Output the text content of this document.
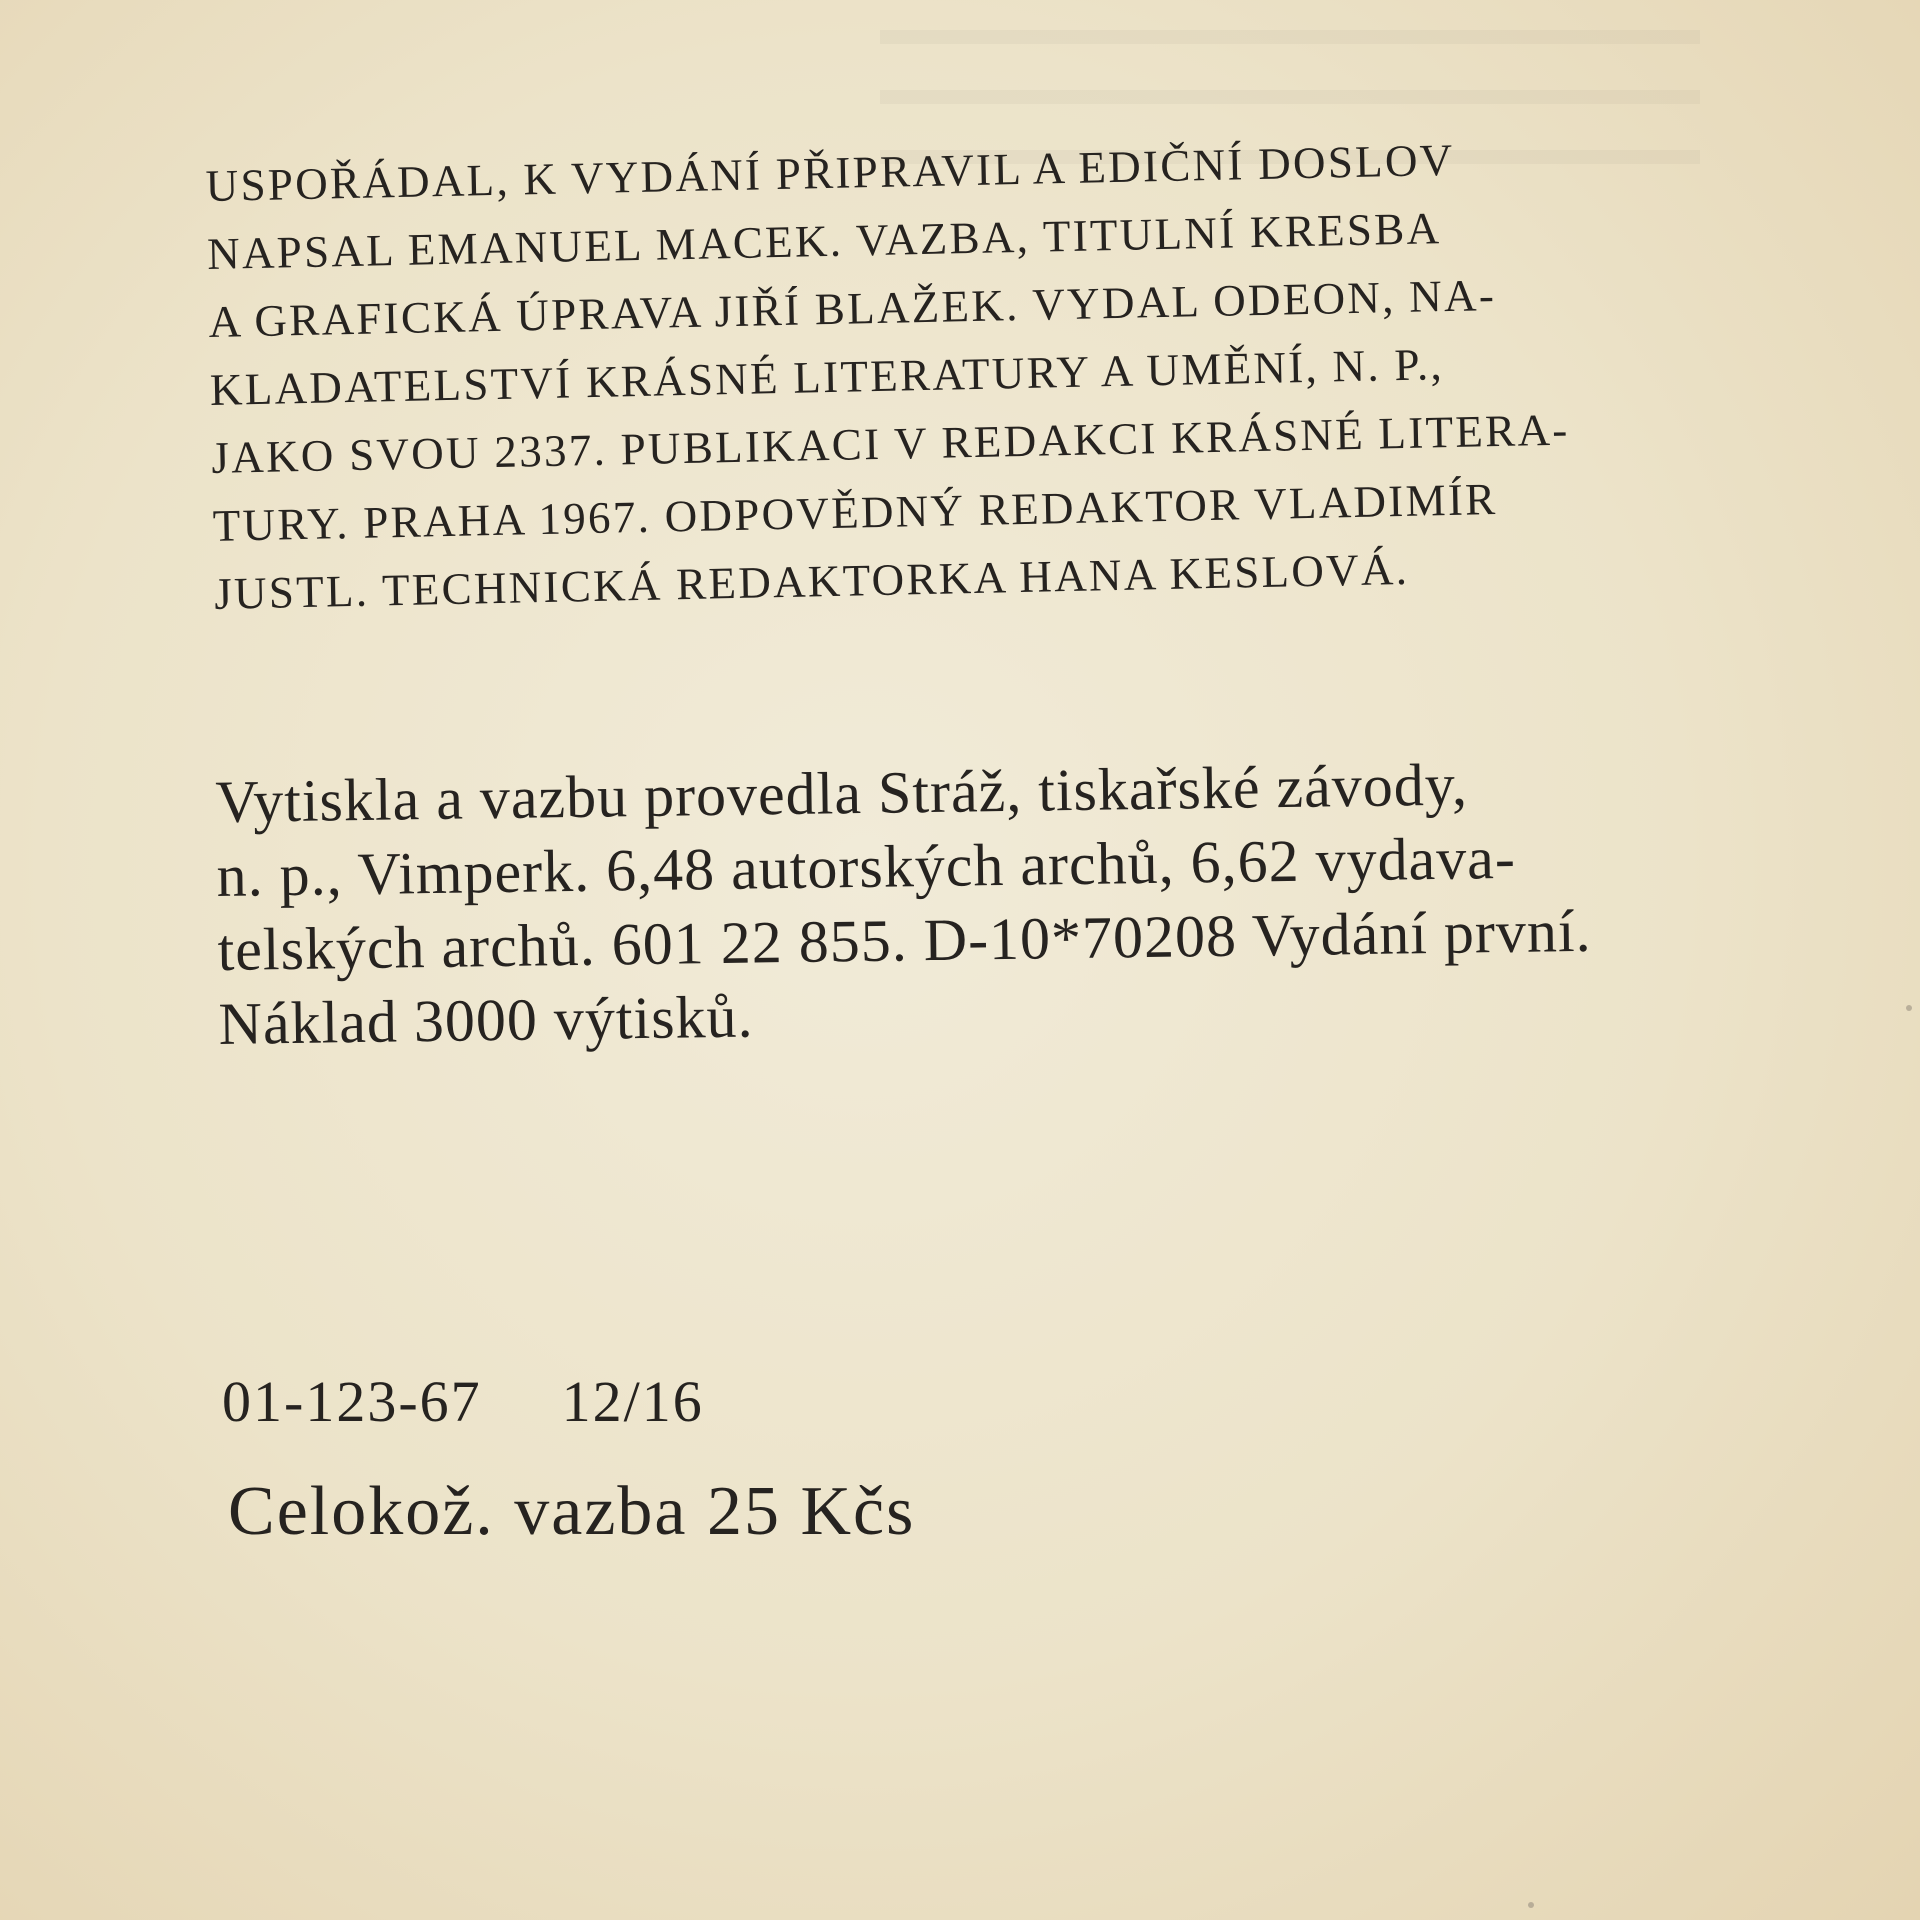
USPOŘÁDAL, K VYDÁNÍ PŘIPRAVIL A EDIČNÍ DOSLOV
NAPSAL EMANUEL MACEK. VAZBA, TITULNÍ KRESBA
A GRAFICKÁ ÚPRAVA JIŘÍ BLAŽEK. VYDAL ODEON, NA-
KLADATELSTVÍ KRÁSNÉ LITERATURY A UMĚNÍ, N. P.,
JAKO SVOU 2337. PUBLIKACI V REDAKCI KRÁSNÉ LITERA-
TURY. PRAHA 1967. ODPOVĚDNÝ REDAKTOR VLADIMÍR
JUSTL. TECHNICKÁ REDAKTORKA HANA KESLOVÁ.
Vytiskla a vazbu provedla Stráž, tiskařské závody,
n. p., Vimperk. 6,48 autorských archů, 6,62 vydava-
telských archů. 601 22 855. D-10*70208 Vydání první.
Náklad 3000 výtisků.
01-123-67 12/16
Celokož. vazba 25 Kčs
